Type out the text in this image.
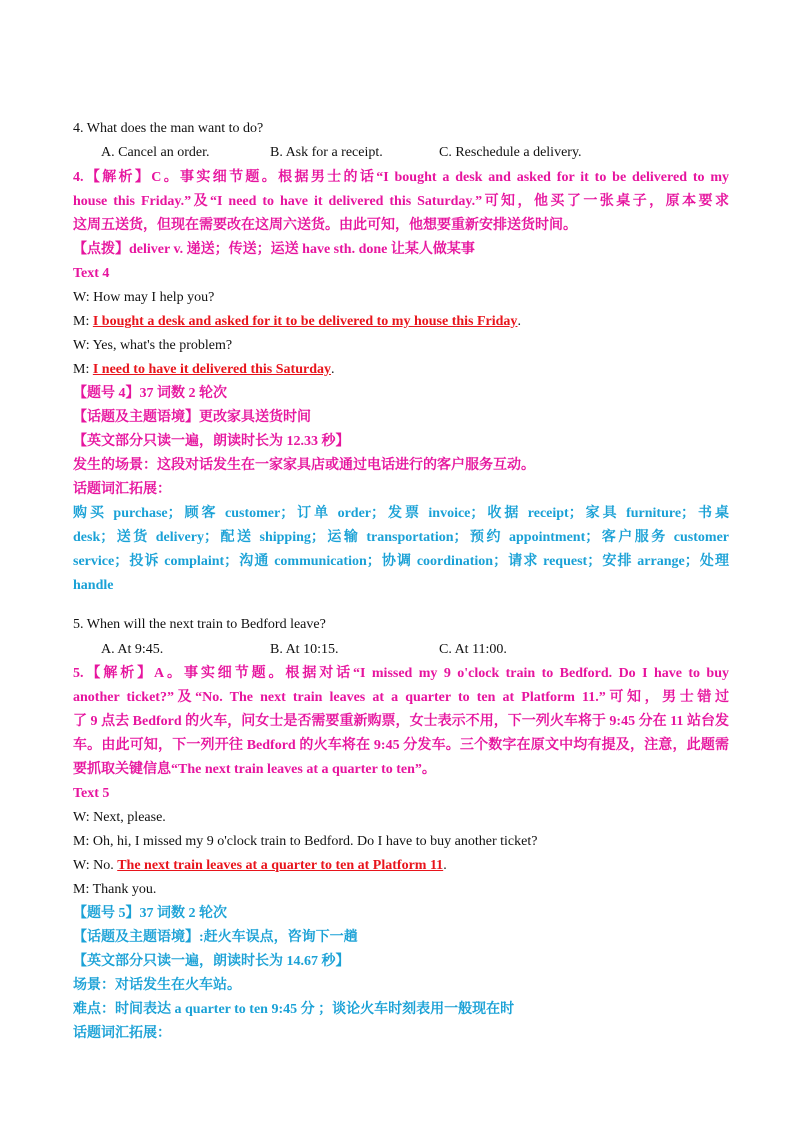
4. What does the man want to do?
A. Cancel an order.	B. Ask for a receipt.	C. Reschedule a delivery.
4.【解析】C。事实细节题。根据男士的话“I bought a desk and asked for it to be delivered to my
house this Friday.”及“I need to have it delivered this Saturday.”可知，他买了一张桌子，原本要求
这周五送货，但现在需要改在这周六送货。由此可知，他想要重新安排送货时间。
【点拨】deliver v. 递送；传送；运送 have sth. done 让某人做某事
Text 4
W: How may I help you?
M: I bought a desk and asked for it to be delivered to my house this Friday.
W: Yes, what's the problem?
M: I need to have it delivered this Saturday.
【题号 4】37 词数 2 轮次
【话题及主题语境】更改家具送货时间
【英文部分只读一遍，朗读时长为 12.33 秒】
发生的场景：这段对话发生在一家家具店或通过电话进行的客户服务互动。
话题词汇拓展：
购买 purchase；顾客 customer；订单 order；发票 invoice；收据 receipt；家具 furniture；书桌
desk；送货 delivery；配送 shipping；运输 transportation；预约 appointment；客户服务 customer
service；投诉 complaint；沟通 communication；协调 coordination；请求 request；安排 arrange；处理
handle
5. When will the next train to Bedford leave?
A. At 9:45.	B. At 10:15.	C. At 11:00.
5.【解析】A。事实细节题。根据对话“I missed my 9 o'clock train to Bedford. Do I have to buy
another ticket?”及“No. The next train leaves at a quarter to ten at Platform 11.”可知，男士错过
了 9 点去 Bedford 的火车，问女士是否需要重新购票，女士表示不用，下一列火车将于 9:45 分在 11 站台发
车。由此可知，下一列开往 Bedford 的火车将在 9:45 分发车。三个数字在原文中均有提及，注意，此题需
要抓取关键信息“The next train leaves at a quarter to ten”。
Text 5
W: Next, please.
M: Oh, hi, I missed my 9 o'clock train to Bedford. Do I have to buy another ticket?
W: No. The next train leaves at a quarter to ten at Platform 11.
M: Thank you.
【题号 5】37 词数 2 轮次
【话题及主题语境】:赶火车误点，咨询下一趟
【英文部分只读一遍，朗读时长为 14.67 秒】
场景：对话发生在火车站。
难点：时间表达 a quarter to ten 9:45 分 ；谈论火车时刻表用一般现在时
话题词汇拓展：
